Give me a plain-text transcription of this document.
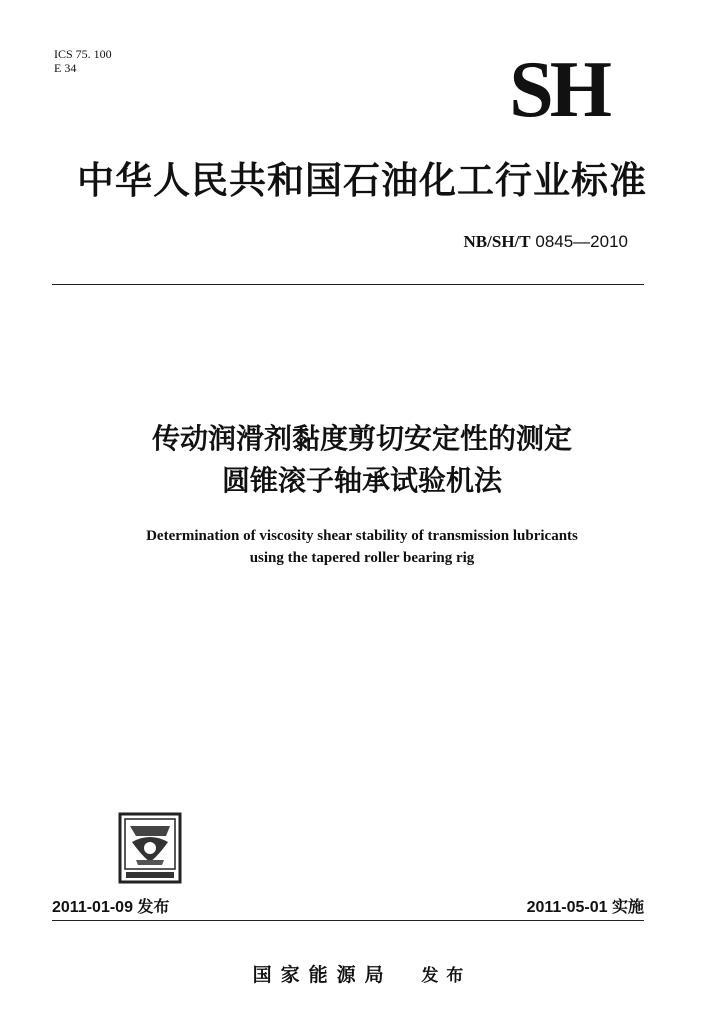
ICS 75. 100
E 34	SH
中华人民共和国石油化工行业标准
NB/SH/T 0845—2010
传动润滑剂黏度剪切安定性的测定
圆锥滚子轴承试验机法
Determination of viscosity shear stability of transmission lubricants
using the tapered roller bearing rig
2011-01-09 发布	2011-05-01 实施
国家能源局 发布
